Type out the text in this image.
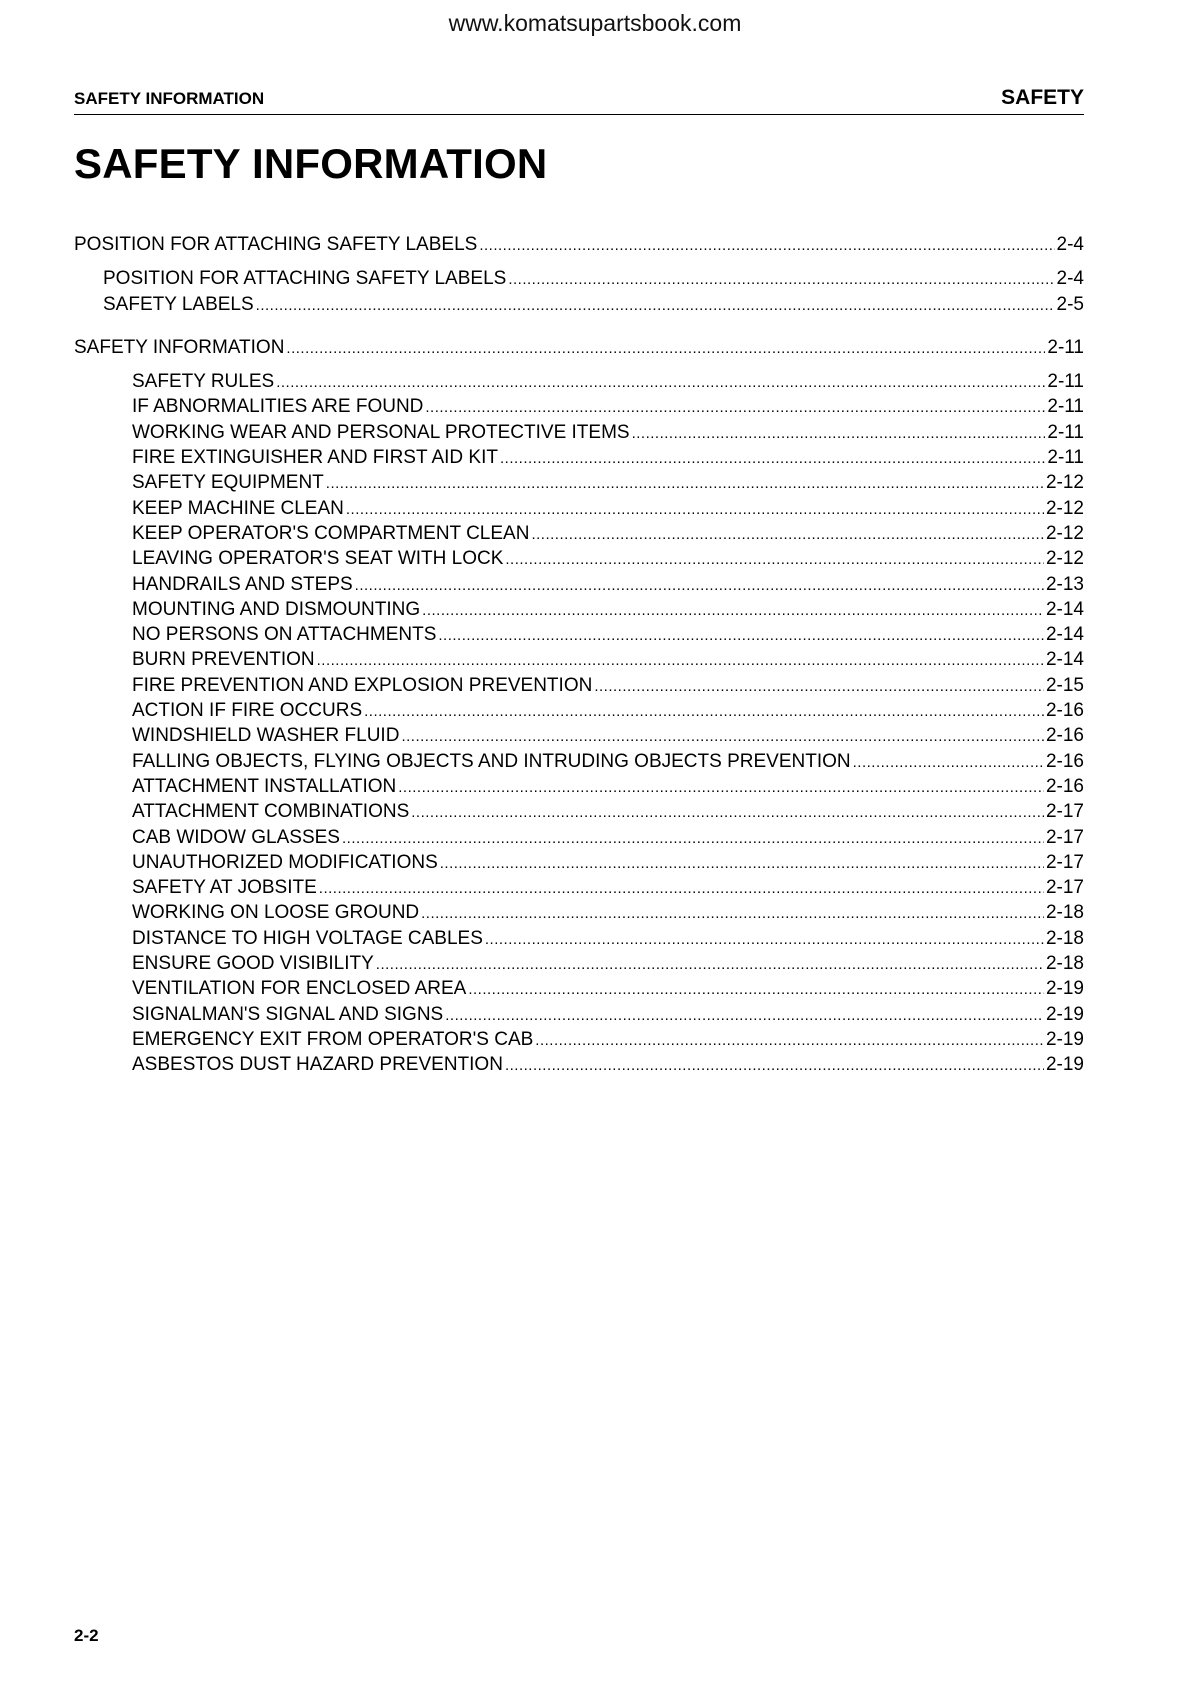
www.komatsupartsbook.com
SAFETY INFORMATION	SAFETY
SAFETY INFORMATION
POSITION FOR ATTACHING SAFETY LABELS .....	2-4
POSITION FOR ATTACHING SAFETY LABELS .....	2-4
SAFETY LABELS .....	2-5
SAFETY INFORMATION .....	2-11
SAFETY RULES .....	2-11
IF ABNORMALITIES ARE FOUND .....	2-11
WORKING WEAR AND PERSONAL PROTECTIVE ITEMS .....	2-11
FIRE EXTINGUISHER AND FIRST AID KIT .....	2-11
SAFETY EQUIPMENT .....	2-12
KEEP MACHINE CLEAN .....	2-12
KEEP OPERATOR'S COMPARTMENT CLEAN .....	2-12
LEAVING OPERATOR'S SEAT WITH LOCK .....	2-12
HANDRAILS AND STEPS .....	2-13
MOUNTING AND DISMOUNTING .....	2-14
NO PERSONS ON ATTACHMENTS .....	2-14
BURN PREVENTION .....	2-14
FIRE PREVENTION AND EXPLOSION PREVENTION .....	2-15
ACTION IF FIRE OCCURS .....	2-16
WINDSHIELD WASHER FLUID .....	2-16
FALLING OBJECTS, FLYING OBJECTS AND INTRUDING OBJECTS PREVENTION .....	2-16
ATTACHMENT INSTALLATION .....	2-16
ATTACHMENT COMBINATIONS .....	2-17
CAB WIDOW GLASSES .....	2-17
UNAUTHORIZED MODIFICATIONS .....	2-17
SAFETY AT JOBSITE .....	2-17
WORKING ON LOOSE GROUND .....	2-18
DISTANCE TO HIGH VOLTAGE CABLES .....	2-18
ENSURE GOOD VISIBILITY .....	2-18
VENTILATION FOR ENCLOSED AREA .....	2-19
SIGNALMAN'S SIGNAL AND SIGNS .....	2-19
EMERGENCY EXIT FROM OPERATOR'S CAB .....	2-19
ASBESTOS DUST HAZARD PREVENTION .....	2-19
2-2
